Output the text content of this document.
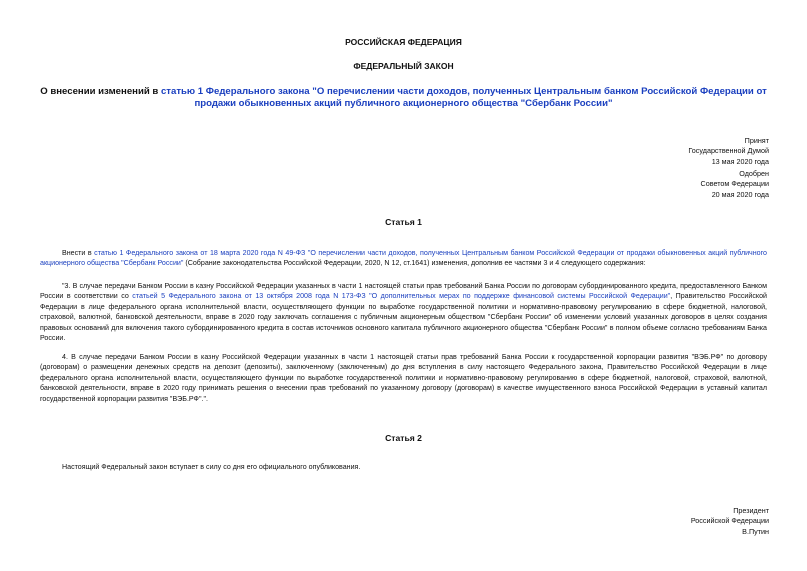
РОССИЙСКАЯ ФЕДЕРАЦИЯ
ФЕДЕРАЛЬНЫЙ ЗАКОН
О внесении изменений в статью 1 Федерального закона "О перечислении части доходов, полученных Центральным банком Российской Федерации от продажи обыкновенных акций публичного акционерного общества "Сбербанк России"
Принят
Государственной Думой
13 мая 2020 года
Одобрен
Советом Федерации
20 мая 2020 года
Статья 1
Внести в статью 1 Федерального закона от 18 марта 2020 года N 49-ФЗ "О перечислении части доходов, полученных Центральным банком Российской Федерации от продажи обыкновенных акций публичного акционерного общества "Сбербанк России" (Собрание законодательства Российской Федерации, 2020, N 12, ст.1641) изменения, дополнив ее частями 3 и 4 следующего содержания:
"3. В случае передачи Банком России в казну Российской Федерации указанных в части 1 настоящей статьи прав требований Банка России по договорам субординированного кредита, предоставленного Банком России в соответствии со статьей 5 Федерального закона от 13 октября 2008 года N 173-ФЗ "О дополнительных мерах по поддержке финансовой системы Российской Федерации", Правительство Российской Федерации в лице федерального органа исполнительной власти, осуществляющего функции по выработке государственной политики и нормативно-правовому регулированию в сфере бюджетной, налоговой, страховой, валютной, банковской деятельности, вправе в 2020 году заключать соглашения с публичным акционерным обществом "Сбербанк России" об изменении условий указанных договоров в целях создания правовых оснований для включения такого субординированного кредита в состав источников основного капитала публичного акционерного общества "Сбербанк России" в полном объеме согласно требованиям Банка России.
4. В случае передачи Банком России в казну Российской Федерации указанных в части 1 настоящей статьи прав требований Банка России к государственной корпорации развития "ВЭБ.РФ" по договору (договорам) о размещении денежных средств на депозит (депозиты), заключенному (заключенным) до дня вступления в силу настоящего Федерального закона, Правительство Российской Федерации в лице федерального органа исполнительной власти, осуществляющего функции по выработке государственной политики и нормативно-правовому регулированию в сфере бюджетной, налоговой, страховой, валютной, банковской деятельности, вправе в 2020 году принимать решения о внесении прав требований по указанному договору (договорам) в качестве имущественного взноса Российской Федерации в уставный капитал государственной корпорации развития "ВЭБ.РФ".".
Статья 2
Настоящий Федеральный закон вступает в силу со дня его официального опубликования.
Президент
Российской Федерации
В.Путин
